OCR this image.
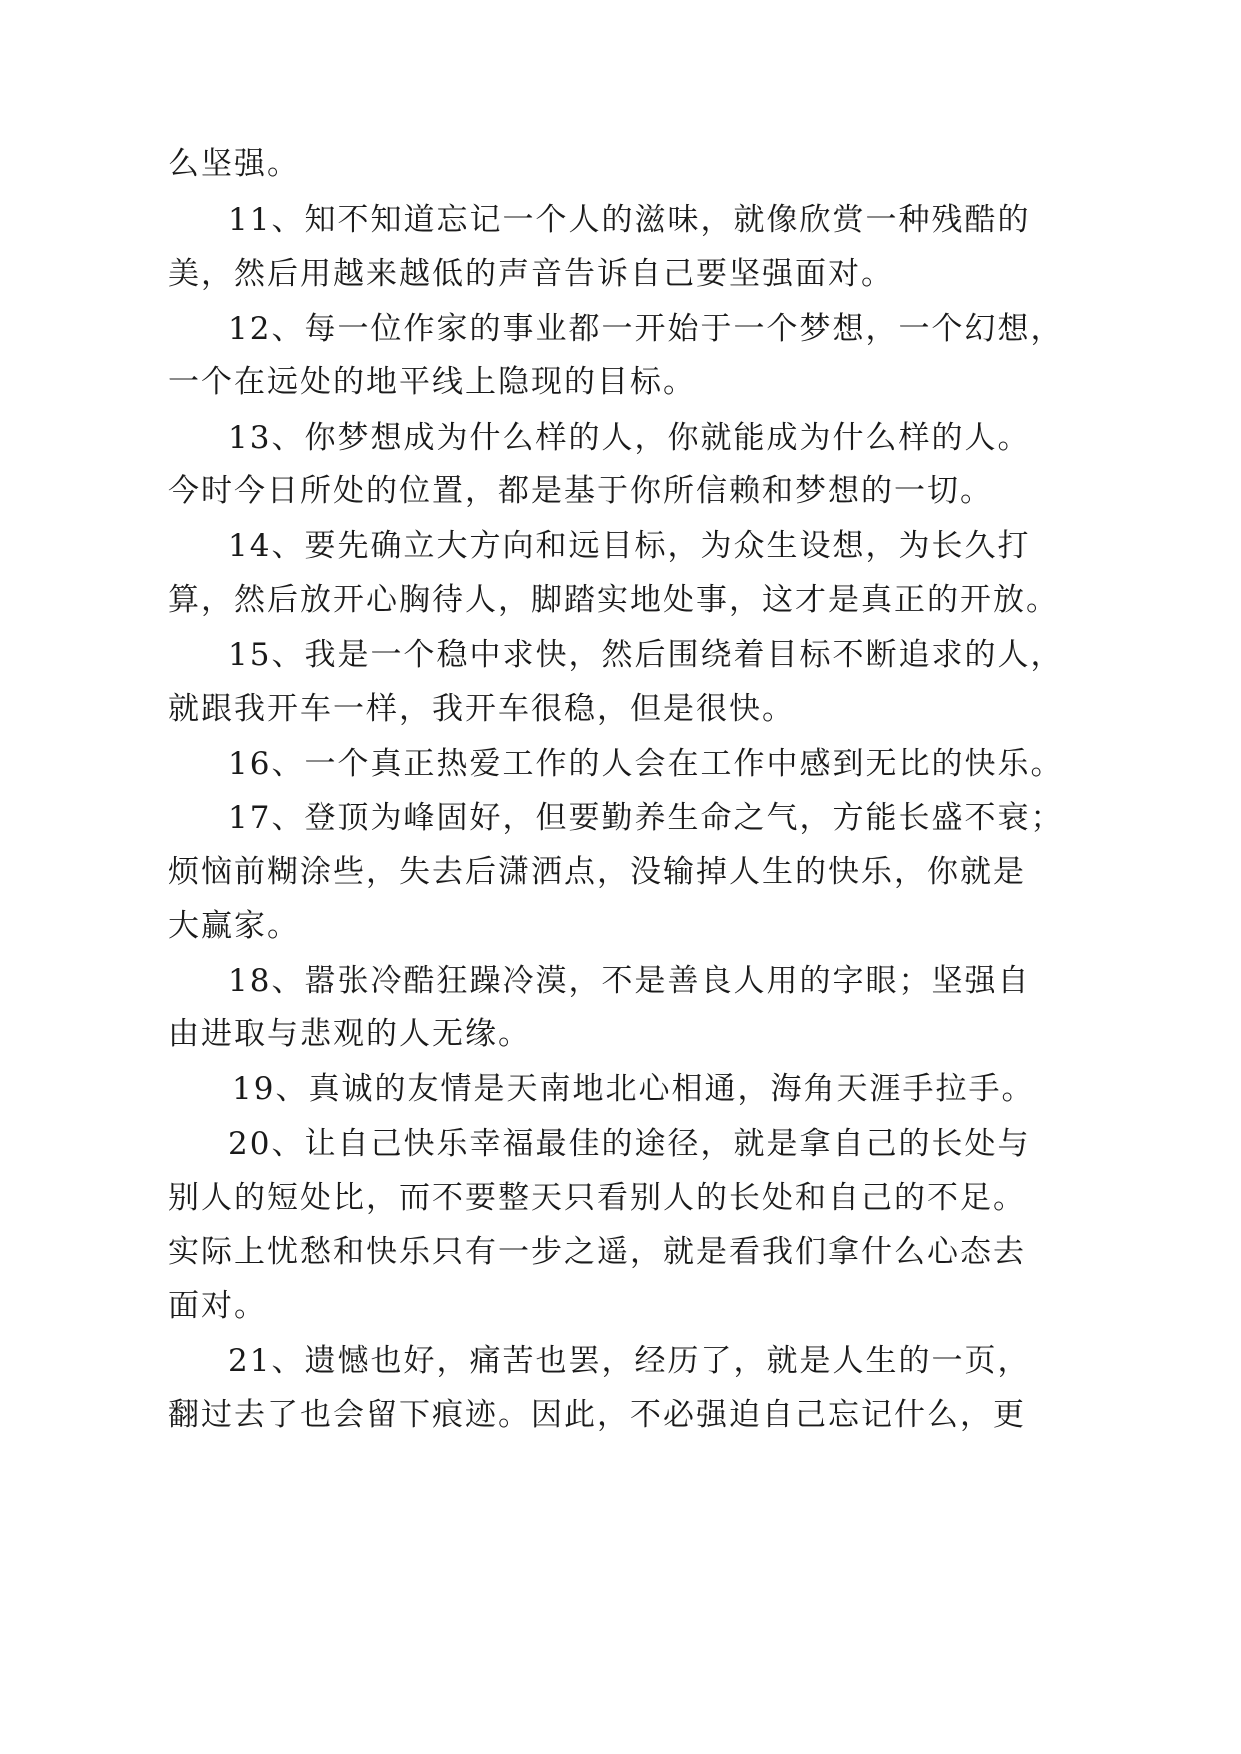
么坚强。
11、知不知道忘记一个人的滋味，就像欣赏一种残酷的
美，然后用越来越低的声音告诉自己要坚强面对。
12、每一位作家的事业都一开始于一个梦想，一个幻想，
一个在远处的地平线上隐现的目标。
13、你梦想成为什么样的人，你就能成为什么样的人。
今时今日所处的位置，都是基于你所信赖和梦想的一切。
14、要先确立大方向和远目标，为众生设想，为长久打
算，然后放开心胸待人，脚踏实地处事，这才是真正的开放。
15、我是一个稳中求快，然后围绕着目标不断追求的人，
就跟我开车一样，我开车很稳，但是很快。
16、一个真正热爱工作的人会在工作中感到无比的快乐。
17、登顶为峰固好，但要勤养生命之气，方能长盛不衰；
烦恼前糊涂些，失去后潇洒点，没输掉人生的快乐，你就是
大赢家。
18、嚣张冷酷狂躁冷漠，不是善良人用的字眼；坚强自
由进取与悲观的人无缘。
19、真诚的友情是天南地北心相通，海角天涯手拉手。
20、让自己快乐幸福最佳的途径，就是拿自己的长处与
别人的短处比，而不要整天只看别人的长处和自己的不足。
实际上忧愁和快乐只有一步之遥，就是看我们拿什么心态去
面对。
21、遗憾也好，痛苦也罢，经历了，就是人生的一页，
翻过去了也会留下痕迹。因此，不必强迫自己忘记什么，更
